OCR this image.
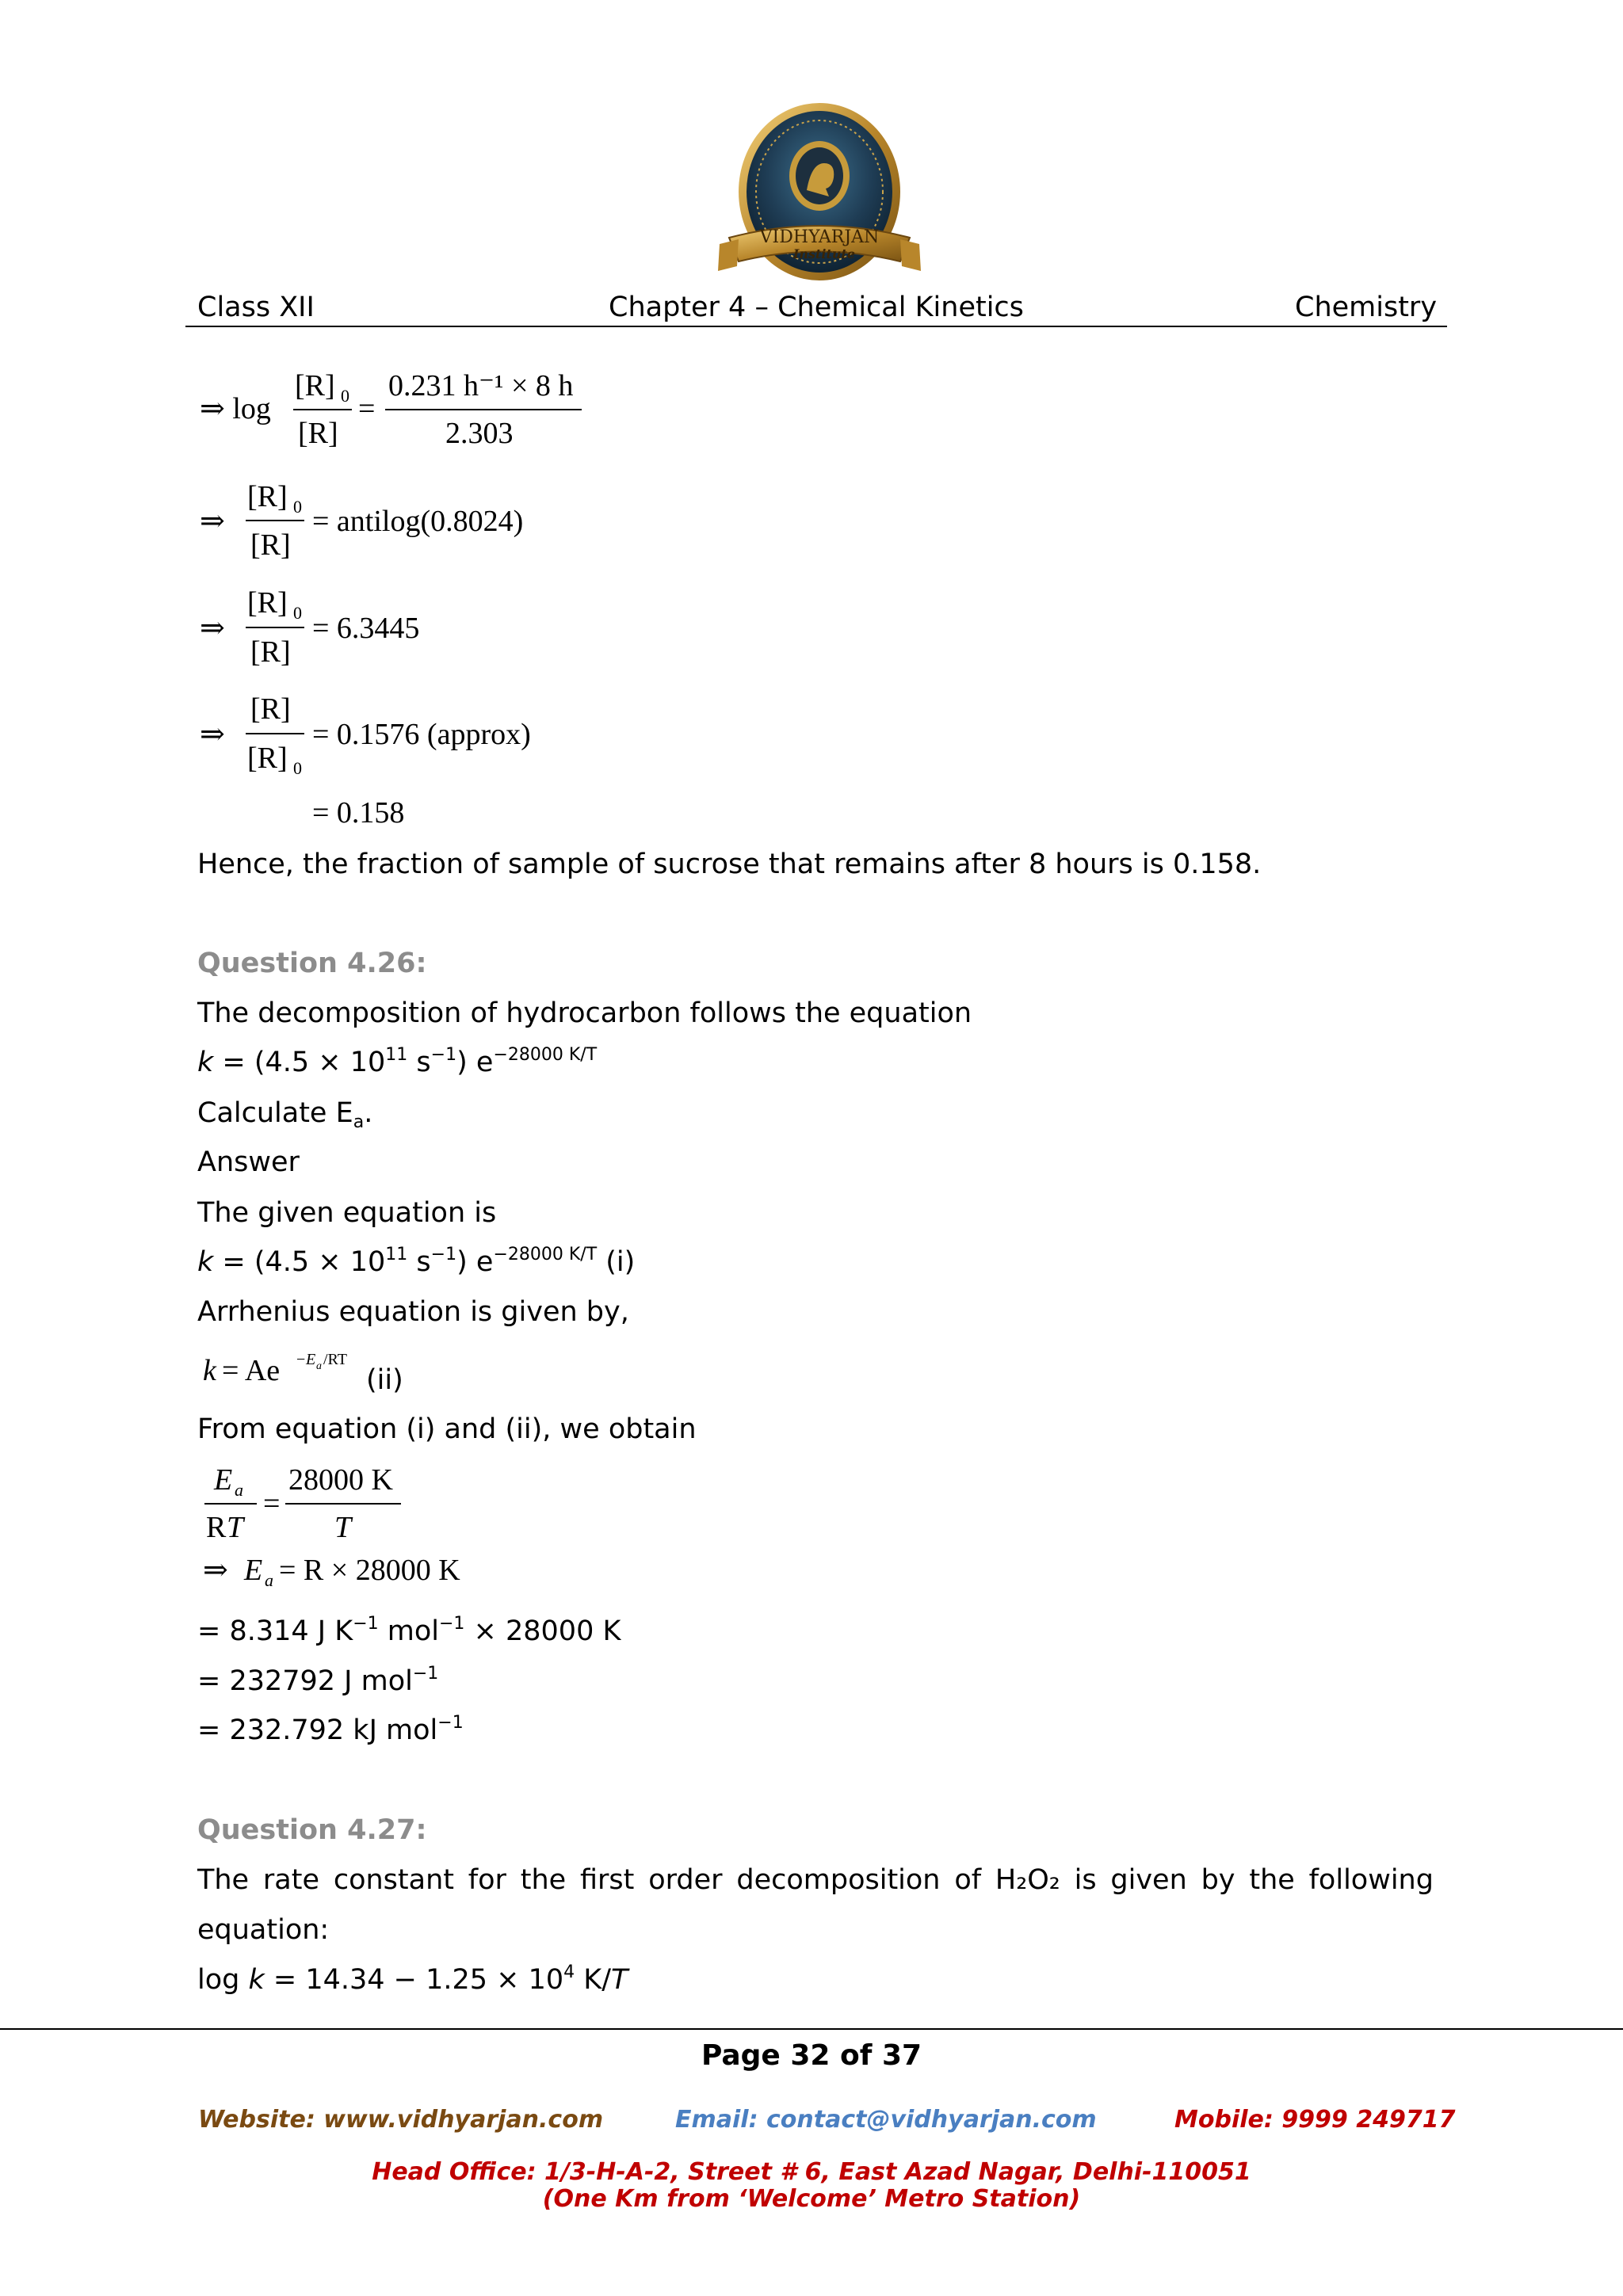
VIDHYARJAN
Institute
Class XII	Chapter 4 – Chemical Kinetics	Chemistry
⇒ log
[R] 0
[R]
=
0.231 h⁻¹ × 8 h
2.303
⇒
[R] 0
[R]
= antilog(0.8024)
⇒
[R] 0
[R]
= 6.3445
⇒
[R]
[R] 0
= 0.1576 (approx)
= 0.158
Hence, the fraction of sample of sucrose that remains after 8 hours is 0.158.
Question 4.26:
The decomposition of hydrocarbon follows the equation
$k = (4.5 \times 10^{11}$ $s^{-1}$) $e^{-28000 K/T}$
Calculate $E_a$.
Answer
The given equation is
$k = (4.5 \times 10^{11}$ $s^{-1}$) $e^{-28000 K/T}$ (i)
Arrhenius equation is given by,
k = Ae − E a /RT
(ii)
From equation (i) and (ii), we obtain
E a
R T
=
28000 K
T
⇒ E a = R × 28000 K
= 8.314 J $K^{-1}$ mol$^{-1}$ × 28000 K
= 232792 J mol$^{-1}$
= 232.792 kJ mol$^{-1}$
Question 4.27:
The rate constant for the first order decomposition of H₂O₂ is given by the following
equation:
$\log k = 14.34 - 1.25 \times 10^4$ K/T
Page 32 of 37
Website: www.vidhyarjan.com	Email: contact@vidhyarjan.com	Mobile: 9999 249717
Head Office: 1/3-H-A-2, Street # 6, East Azad Nagar, Delhi-110051
(One Km from ‘Welcome’ Metro Station)
